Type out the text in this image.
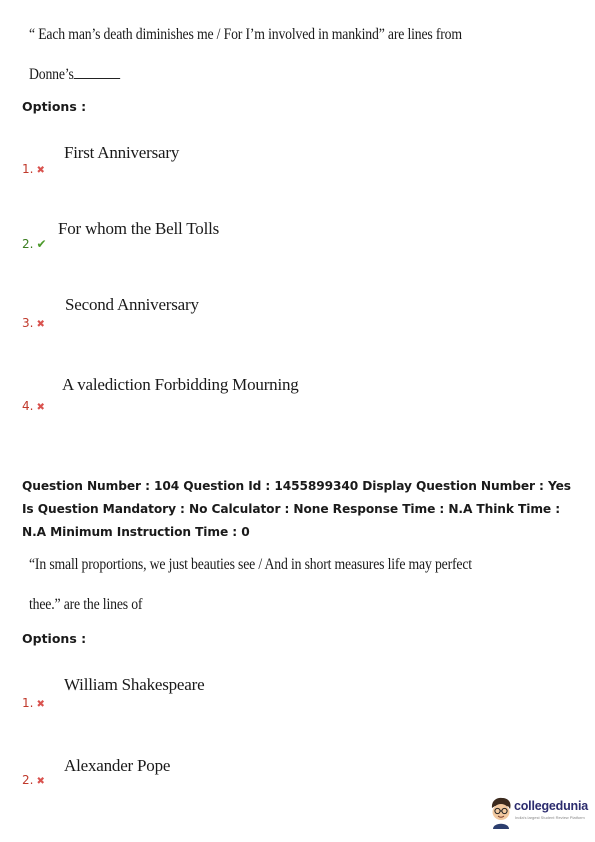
“ Each man’s death diminishes me / For I’m involved in mankind” are lines from
Donne’s
Options :
First Anniversary
1. ✖
For whom the Bell Tolls
2. ✔
Second Anniversary
3. ✖
A valediction Forbidding Mourning
4. ✖
Question Number : 104 Question Id : 1455899340 Display Question Number : Yes Is Question Mandatory : No Calculator : None Response Time : N.A Think Time : N.A Minimum Instruction Time : 0
“In small proportions, we just beauties see / And in short measures life may perfect
thee.” are the lines of
Options :
William Shakespeare
1. ✖
Alexander Pope
2. ✖
collegedunia
India's largest Student Review Platform
